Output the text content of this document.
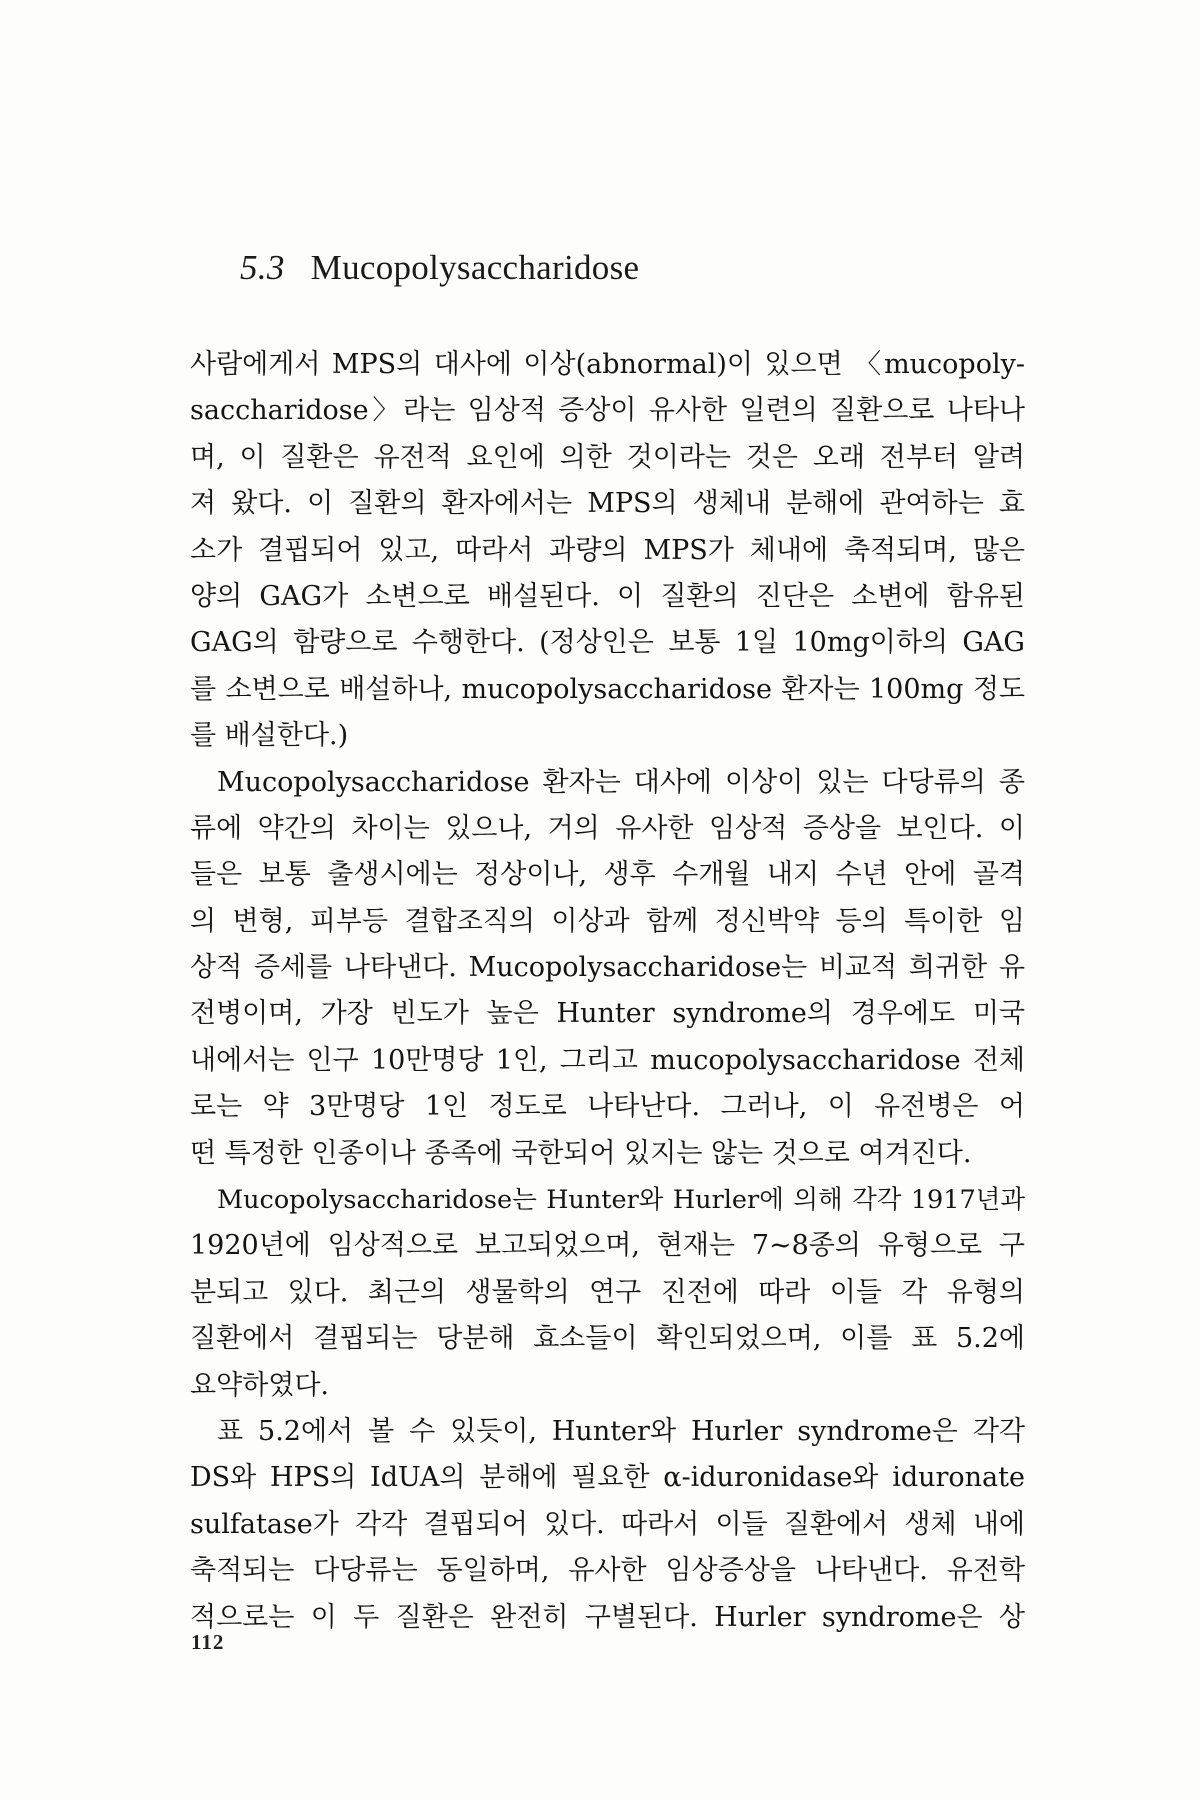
5.3 Mucopolysaccharidose
사람에게서 MPS의 대사에 이상(abnormal)이 있으면 〈mucopoly-
saccharidose〉라는 임상적 증상이 유사한 일련의 질환으로 나타나
며, 이 질환은 유전적 요인에 의한 것이라는 것은 오래 전부터 알려
져 왔다. 이 질환의 환자에서는 MPS의 생체내 분해에 관여하는 효
소가 결핍되어 있고, 따라서 과량의 MPS가 체내에 축적되며, 많은
양의 GAG가 소변으로 배설된다. 이 질환의 진단은 소변에 함유된
GAG의 함량으로 수행한다. (정상인은 보통 1일 10mg이하의 GAG
를 소변으로 배설하나, mucopolysaccharidose 환자는 100mg 정도
를 배설한다.)
Mucopolysaccharidose 환자는 대사에 이상이 있는 다당류의 종
류에 약간의 차이는 있으나, 거의 유사한 임상적 증상을 보인다. 이
들은 보통 출생시에는 정상이나, 생후 수개월 내지 수년 안에 골격
의 변형, 피부등 결합조직의 이상과 함께 정신박약 등의 특이한 임
상적 증세를 나타낸다. Mucopolysaccharidose는 비교적 희귀한 유
전병이며, 가장 빈도가 높은 Hunter syndrome의 경우에도 미국
내에서는 인구 10만명당 1인, 그리고 mucopolysaccharidose 전체
로는 약 3만명당 1인 정도로 나타난다. 그러나, 이 유전병은 어
떤 특정한 인종이나 종족에 국한되어 있지는 않는 것으로 여겨진다.
Mucopolysaccharidose는 Hunter와 Hurler에 의해 각각 1917년과
1920년에 임상적으로 보고되었으며, 현재는 7~8종의 유형으로 구
분되고 있다. 최근의 생물학의 연구 진전에 따라 이들 각 유형의
질환에서 결핍되는 당분해 효소들이 확인되었으며, 이를 표 5.2에
요약하였다.
표 5.2에서 볼 수 있듯이, Hunter와 Hurler syndrome은 각각
DS와 HPS의 IdUA의 분해에 필요한 α-iduronidase와 iduronate
sulfatase가 각각 결핍되어 있다. 따라서 이들 질환에서 생체 내에
축적되는 다당류는 동일하며, 유사한 임상증상을 나타낸다. 유전학
적으로는 이 두 질환은 완전히 구별된다. Hurler syndrome은 상
112
